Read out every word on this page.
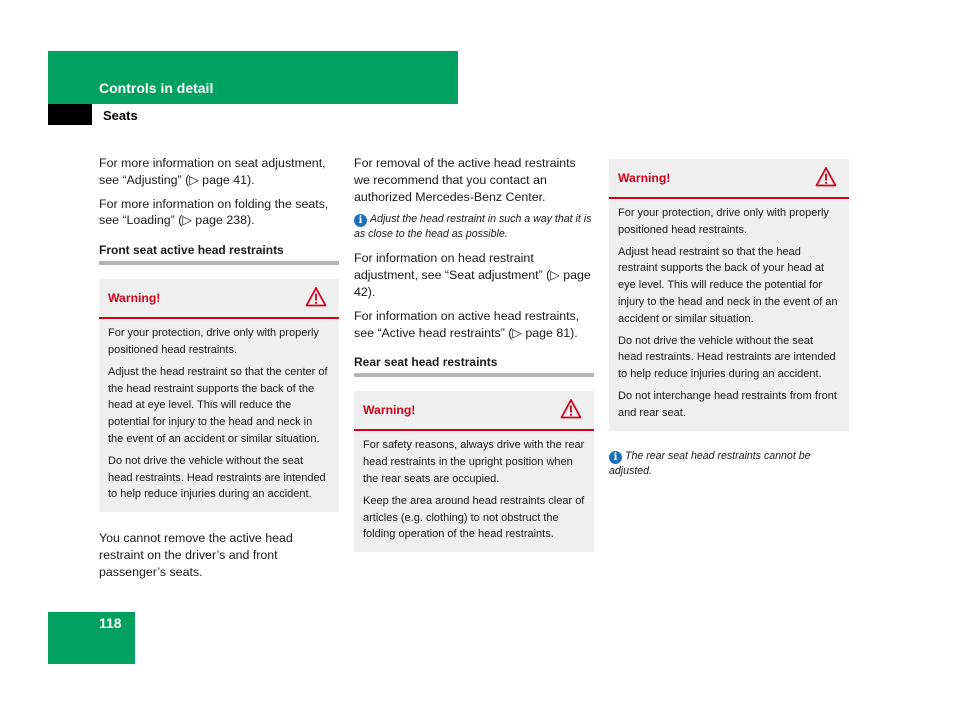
Controls in detail
Seats

For more information on seat adjustment, see “Adjusting” (▷ page 41).

For more information on folding the seats, see “Loading” (▷ page 238).

Front seat active head restraints
Warning!

For your protection, drive only with properly positioned head restraints.

Adjust the head restraint so that the center of the head restraint supports the back of the head at eye level. This will reduce the potential for injury to the head and neck in the event of an accident or similar situation.

Do not drive the vehicle without the seat head restraints. Head restraints are intended to help reduce injuries during an accident.

You cannot remove the active head restraint on the driver’s and front passenger’s seats.

For removal of the active head restraints we recommend that you contact an authorized Mercedes-Benz Center.

i Adjust the head restraint in such a way that it is as close to the head as possible.

For information on head restraint adjustment, see “Seat adjustment” (▷ page 42).

For information on active head restraints, see “Active head restraints” (▷ page 81).

Rear seat head restraints
Warning!

For safety reasons, always drive with the rear head restraints in the upright position when the rear seats are occupied.

Keep the area around head restraints clear of articles (e.g. clothing) to not obstruct the folding operation of the head restraints.

Warning!

For your protection, drive only with properly positioned head restraints.

Adjust head restraint so that the head restraint supports the back of your head at eye level. This will reduce the potential for injury to the head and neck in the event of an accident or similar situation.

Do not drive the vehicle without the seat head restraints. Head restraints are intended to help reduce injuries during an accident.

Do not interchange head restraints from front and rear seat.

i The rear seat head restraints cannot be adjusted.

118
